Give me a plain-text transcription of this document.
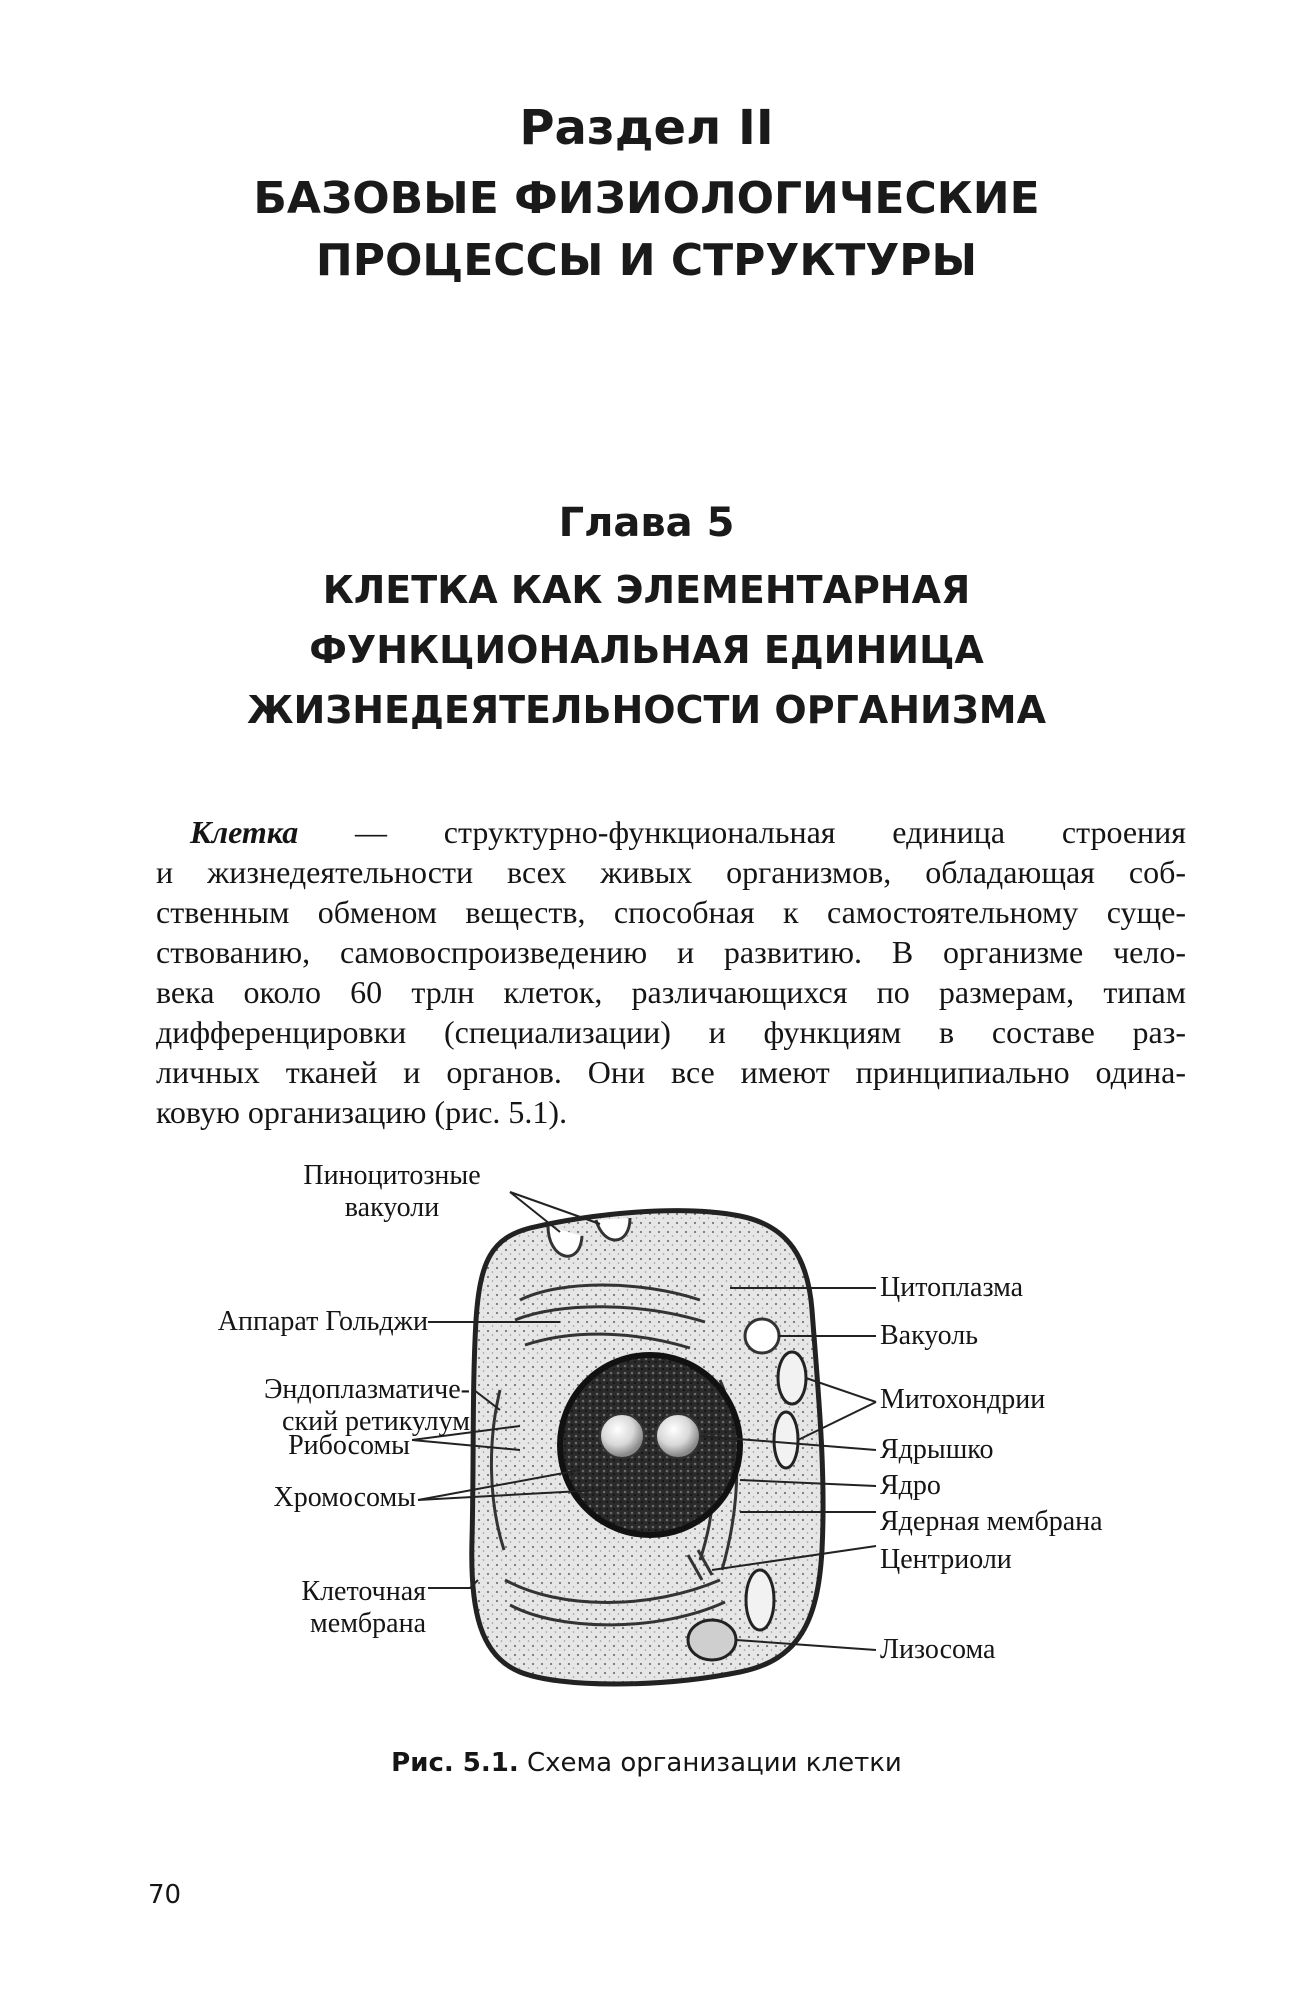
Раздел II
БАЗОВЫЕ ФИЗИОЛОГИЧЕСКИЕ
ПРОЦЕССЫ И СТРУКТУРЫ
Глава 5
КЛЕТКА КАК ЭЛЕМЕНТАРНАЯ
ФУНКЦИОНАЛЬНАЯ ЕДИНИЦА
ЖИЗНЕДЕЯТЕЛЬНОСТИ ОРГАНИЗМА
Клетка — структурно-функциональная единица строения
и жизнедеятельности всех живых организмов, обладающая соб-
ственным обменом веществ, способная к самостоятельному суще-
ствованию, самовоспроизведению и развитию. В организме чело-
века около 60 трлн клеток, различающихся по размерам, типам
дифференцировки (специализации) и функциям в составе раз-
личных тканей и органов. Они все имеют принципиально одина-
ковую организацию (рис. 5.1).
Пиноцитозные
вакуоли
Аппарат Гольджи
Эндоплазматиче-
ский ретикулум
Рибосомы
Хромосомы
Клеточная
мембрана
Цитоплазма
Вакуоль
Митохондрии
Ядрышко
Ядро
Ядерная мембрана
Центриоли
Лизосома
Рис. 5.1. Схема организации клетки
70
